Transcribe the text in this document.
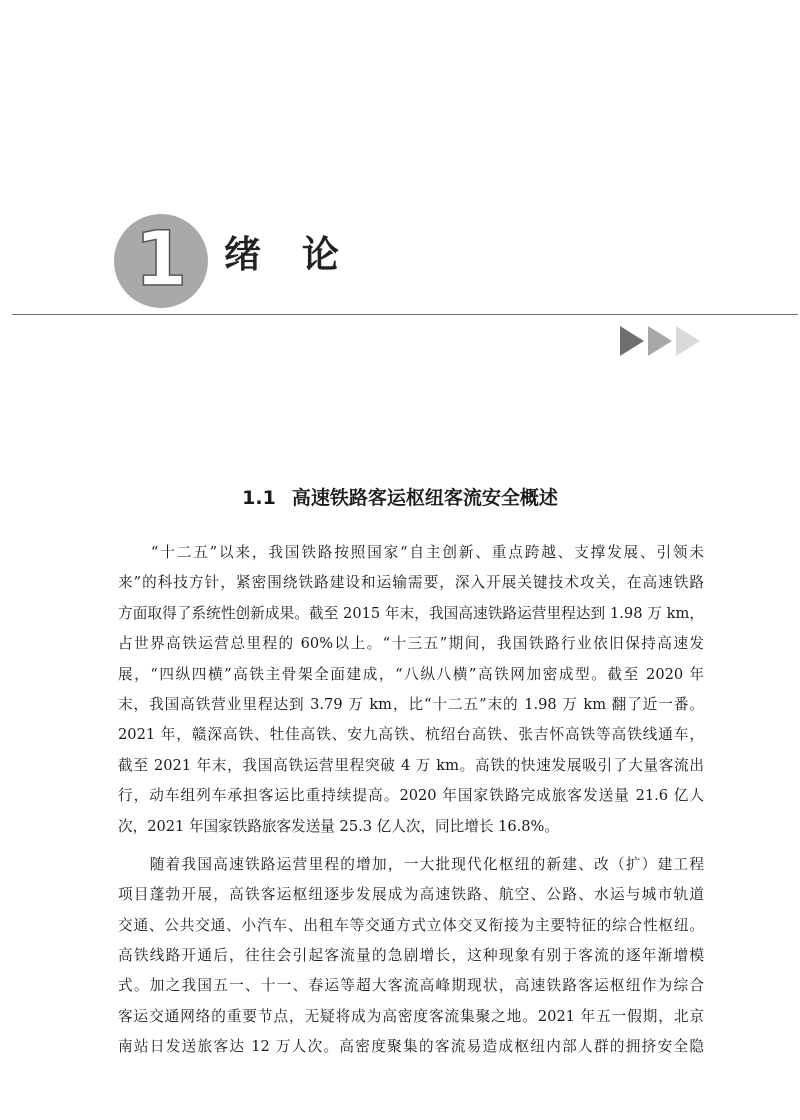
1 绪 论
1.1 高速铁路客运枢纽客流安全概述
　　“十二五”以来，我国铁路按照国家“自主创新、重点跨越、支撑发展、引领未
来”的科技方针，紧密围绕铁路建设和运输需要，深入开展关键技术攻关，在高速铁路
方面取得了系统性创新成果。截至 2015 年末，我国高速铁路运营里程达到 1.98 万 km，
占世界高铁运营总里程的 60%以上。“十三五”期间，我国铁路行业依旧保持高速发
展，“四纵四横”高铁主骨架全面建成，“八纵八横”高铁网加密成型。截至 2020 年
末，我国高铁营业里程达到 3.79 万 km，比“十二五”末的 1.98 万 km 翻了近一番。
2021 年，赣深高铁、牡佳高铁、安九高铁、杭绍台高铁、张吉怀高铁等高铁线通车，
截至 2021 年末，我国高铁运营里程突破 4 万 km。高铁的快速发展吸引了大量客流出
行，动车组列车承担客运比重持续提高。2020 年国家铁路完成旅客发送量 21.6 亿人
次，2021 年国家铁路旅客发送量 25.3 亿人次，同比增长 16.8%。
　　随着我国高速铁路运营里程的增加，一大批现代化枢纽的新建、改（扩）建工程
项目蓬勃开展，高铁客运枢纽逐步发展成为高速铁路、航空、公路、水运与城市轨道
交通、公共交通、小汽车、出租车等交通方式立体交叉衔接为主要特征的综合性枢纽。
高铁线路开通后，往往会引起客流量的急剧增长，这种现象有别于客流的逐年渐增模
式。加之我国五一、十一、春运等超大客流高峰期现状，高速铁路客运枢纽作为综合
客运交通网络的重要节点，无疑将成为高密度客流集聚之地。2021 年五一假期，北京
南站日发送旅客达 12 万人次。高密度聚集的客流易造成枢纽内部人群的拥挤安全隐
